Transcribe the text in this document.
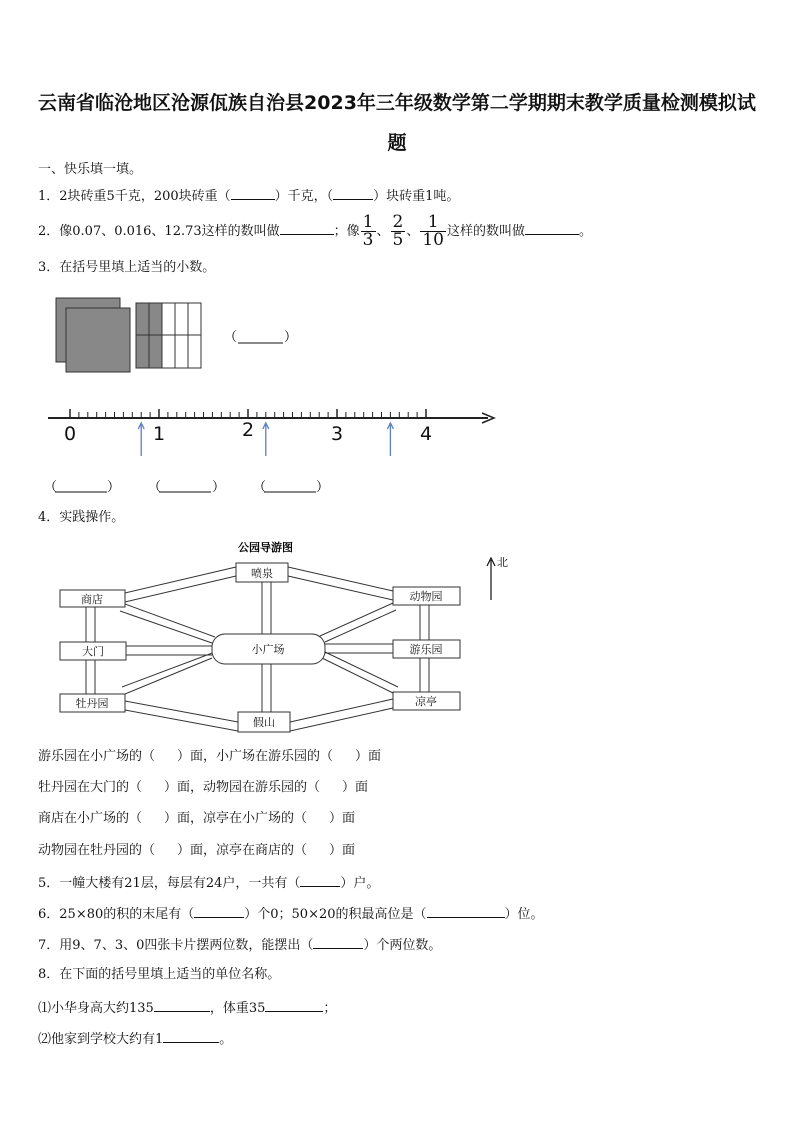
云南省临沧地区沧源佤族自治县2023年三年级数学第二学期期末教学质量检测模拟试
题
一、快乐填一填。
1．2块砖重5千克，200块砖重（	）千克，（	）块砖重1吨。
2．像0.07、0.016、12.73这样的数叫做	；像 $\frac{1}{3}$ 、 $\frac{2}{5}$ 、 $\frac{1}{10}$ 这样的数叫做	。
3．在括号里填上适当的小数。
（	）
0	1	2	3	4
（	） （	） （	）
公园导游图
北
喷泉
商店	动物园
大门	小广场	游乐园
牡丹园
假山
凉亭
4．实践操作。
游乐园在小广场的（ ）面，小广场在游乐园的（ ）面
牡丹园在大门的（ ）面，动物园在游乐园的（ ）面
商店在小广场的（ ）面，凉亭在小广场的（ ）面
动物园在牡丹园的（ ）面，凉亭在商店的（ ）面
5．一幢大楼有21层，每层有24户，一共有（	）户。
6．25×80的积的末尾有（	）个0；50×20的积最高位是（	）位。
7．用9、7、3、0四张卡片摆两位数，能摆出（	）个两位数。
8．在下面的括号里填上适当的单位名称。
⑴小华身高大约135	，体重35	；
⑵他家到学校大约有1	。
